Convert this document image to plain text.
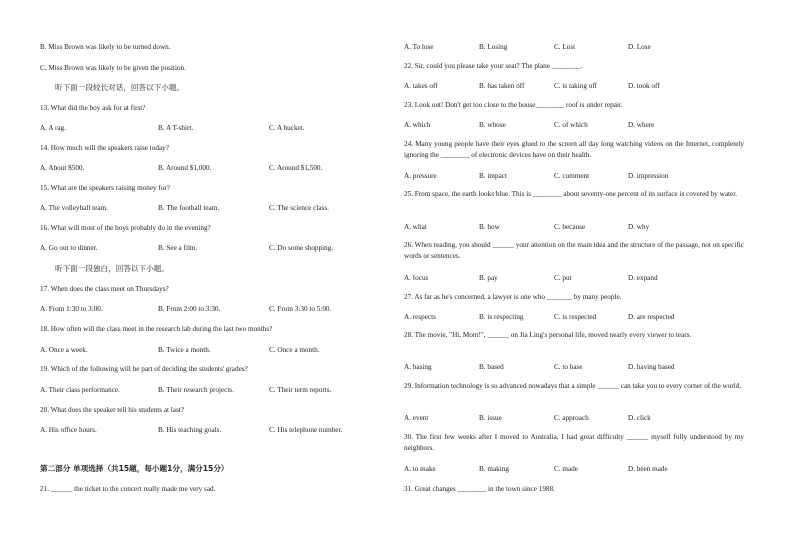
B. Miss Brown was likely to be turned down.
C. Miss Brown was likely to be given the position.
听下面一段较长对话，回答以下小题。
13. What did the boy ask for at first?
A. A rag.	B. A T-shirt.	C. A bucket.
14. How much will the speakers raise today?
A. About $500.	B. Around $1,000.	C. Around $1,500.
15. What are the speakers raising money for?
A. The volleyball team.	B. The football team.	C. The science class.
16. What will most of the boys probably do in the evening?
A. Go out to dinner.	B. See a film.	C. Do some shopping.
听下面一段独白，回答以下小题。
17. When does the class meet on Thursdays?
A. From 1:30 to 3:00.	B. From 2:00 to 3:30.	C. From 3:30 to 5:00.
18. How often will the class meet in the research lab during the last two months?
A. Once a week.	B. Twice a month.	C. Once a month.
19. Which of the following will be part of deciding the students' grades?
A. Their class performance.	B. Their research projects.	C. Their term reports.
20. What does the speaker tell his students at last?
A. His office hours.	B. His teaching goals.	C. His telephone number.
第二部分 单项选择（共15题，每小题1分，满分15分）
21. ______ the ticket to the concert really made me very sad.
A. To lose	B. Losing	C. Lost	D. Lose
22. Sir, could you please take your seat? The plane ________.
A. takes off	B. has taken off	C. is taking off	D. took off
23. Look out! Don't get too close to the house________ roof is under repair.
A. which	B. whose	C. of which	D. where
24. Many young people have their eyes glued to the screen all day long watching videos on the Internet, completely ignoring the ________ of electronic devices have on their health.
A. pressure	B. impact	C. comment	D. impression
25. From space, the earth looks blue. This is ________ about seventy-one percent of its surface is covered by water.
A. what	B. how	C. because	D. why
26. When reading, you should ______ your attention on the main idea and the structure of the passage, not on specific words or sentences.
A. focus	B. pay	C. put	D. expand
27. As far as he's concerned, a lawyer is one who _______ by many people.
A. respects	B. is respecting	C. is respected	D. are respected
28. The movie, "Hi, Mom!", ______ on Jia Ling's personal life, moved nearly every viewer to tears.
A. basing	B. based	C. to base	D. having based
29. Information technology is so advanced nowadays that a simple ______ can take you to every corner of the world.
A. event	B. issue	C. approach	D. click
30. The first few weeks after I moved to Australia, I had great difficulty ______ myself fully understood by my neighbors.
A. to make	B. making	C. made	D. been made
31. Great changes ________ in the town since 1988.
